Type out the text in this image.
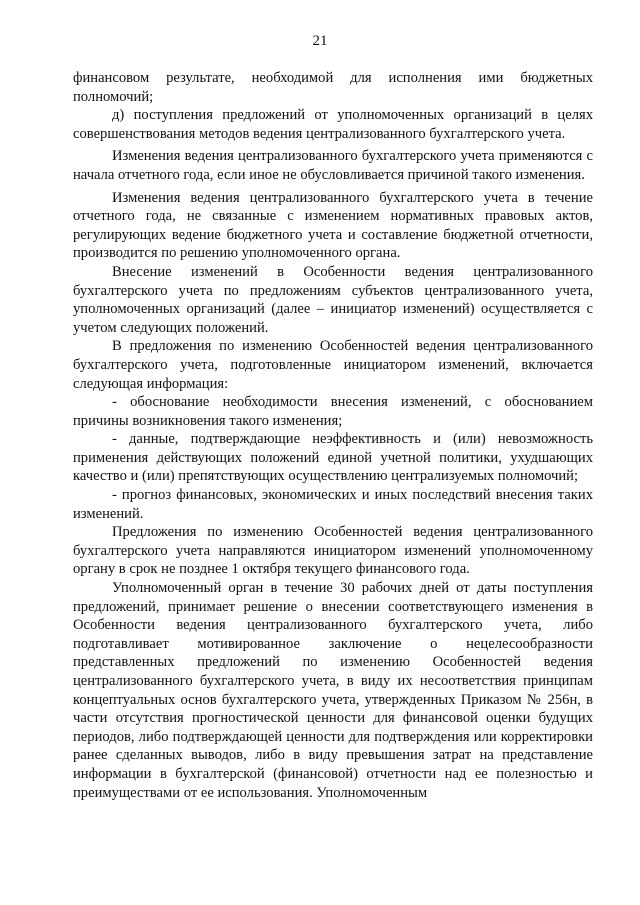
21

финансовом результате, необходимой для исполнения ими бюджетных полномочий;

д) поступления предложений от уполномоченных организаций в целях совершенствования методов ведения централизованного бухгалтерского учета.

Изменения ведения централизованного бухгалтерского учета применяются с начала отчетного года, если иное не обусловливается причиной такого изменения.

Изменения ведения централизованного бухгалтерского учета в течение отчетного года, не связанные с изменением нормативных правовых актов, регулирующих ведение бюджетного учета и составление бюджетной отчетности, производится по решению уполномоченного органа.

Внесение изменений в Особенности ведения централизованного бухгалтерского учета по предложениям субъектов централизованного учета, уполномоченных организаций (далее – инициатор изменений) осуществляется с учетом следующих положений.

В предложения по изменению Особенностей ведения централизованного бухгалтерского учета, подготовленные инициатором изменений, включается следующая информация:

- обоснование необходимости внесения изменений, с обоснованием причины возникновения такого изменения;

- данные, подтверждающие неэффективность и (или) невозможность применения действующих положений единой учетной политики, ухудшающих качество и (или) препятствующих осуществлению централизуемых полномочий;

- прогноз финансовых, экономических и иных последствий внесения таких изменений.

Предложения по изменению Особенностей ведения централизованного бухгалтерского учета направляются инициатором изменений уполномоченному органу в срок не позднее 1 октября текущего финансового года.

Уполномоченный орган в течение 30 рабочих дней от даты поступления предложений, принимает решение о внесении соответствующего изменения в Особенности ведения централизованного бухгалтерского учета, либо подготавливает мотивированное заключение о нецелесообразности представленных предложений по изменению Особенностей ведения централизованного бухгалтерского учета, в виду их несоответствия принципам концептуальных основ бухгалтерского учета, утвержденных Приказом № 256н, в части отсутствия прогностической ценности для финансовой оценки будущих периодов, либо подтверждающей ценности для подтверждения или корректировки ранее сделанных выводов, либо в виду превышения затрат на представление информации в бухгалтерской (финансовой) отчетности над ее полезностью и преимуществами от ее использования. Уполномоченным
